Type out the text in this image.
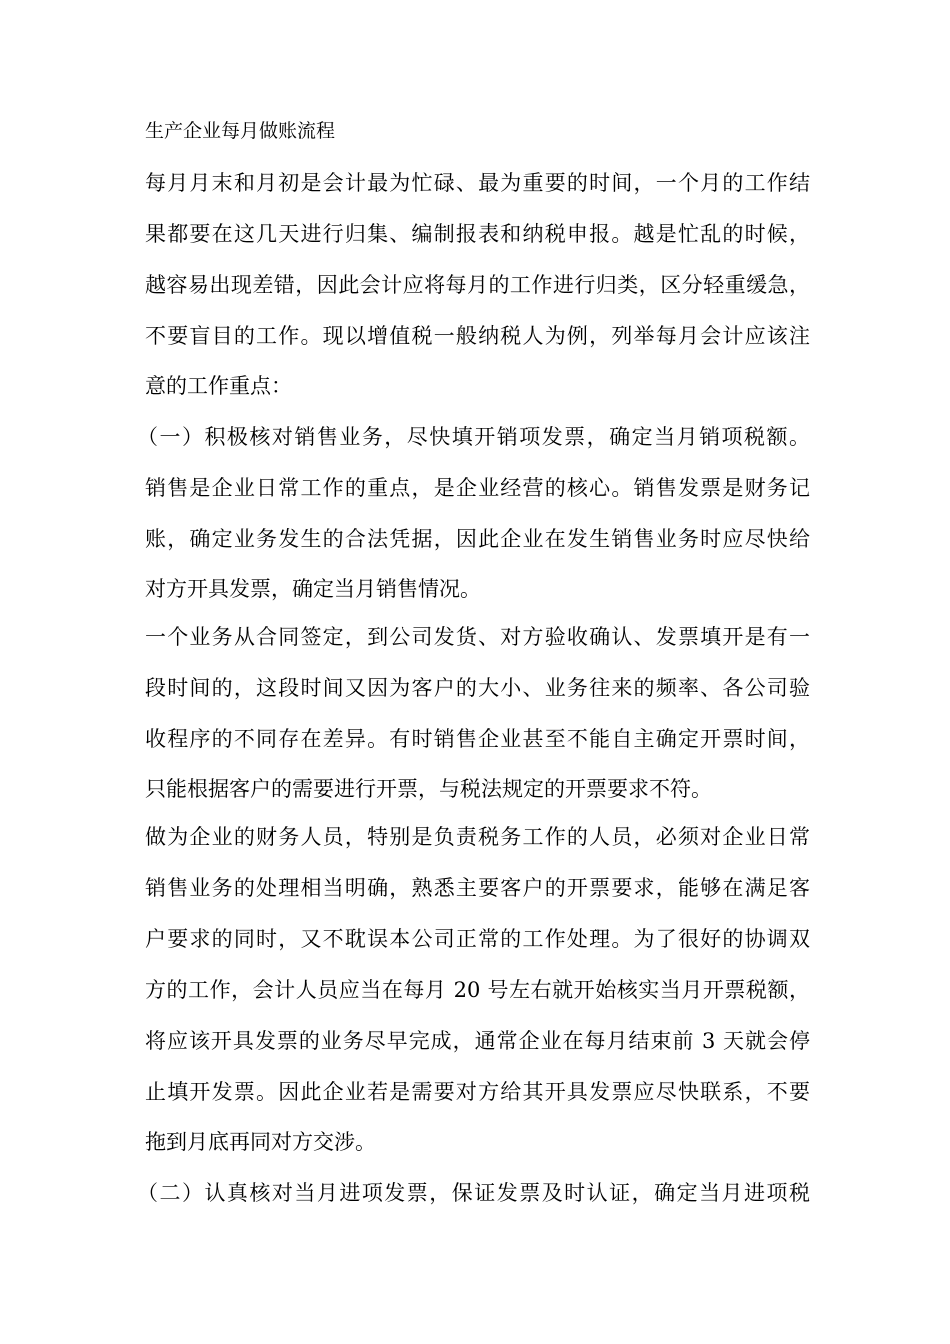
生产企业每月做账流程
每月月末和月初是会计最为忙碌、最为重要的时间，一个月的工作结
果都要在这几天进行归集、编制报表和纳税申报。越是忙乱的时候，
越容易出现差错，因此会计应将每月的工作进行归类，区分轻重缓急，
不要盲目的工作。现以增值税一般纳税人为例，列举每月会计应该注
意的工作重点：
（一）积极核对销售业务，尽快填开销项发票，确定当月销项税额。
销售是企业日常工作的重点，是企业经营的核心。销售发票是财务记
账，确定业务发生的合法凭据，因此企业在发生销售业务时应尽快给
对方开具发票，确定当月销售情况。
一个业务从合同签定，到公司发货、对方验收确认、发票填开是有一
段时间的，这段时间又因为客户的大小、业务往来的频率、各公司验
收程序的不同存在差异。有时销售企业甚至不能自主确定开票时间，
只能根据客户的需要进行开票，与税法规定的开票要求不符。
做为企业的财务人员，特别是负责税务工作的人员，必须对企业日常
销售业务的处理相当明确，熟悉主要客户的开票要求，能够在满足客
户要求的同时，又不耽误本公司正常的工作处理。为了很好的协调双
方的工作，会计人员应当在每月 20 号左右就开始核实当月开票税额，
将应该开具发票的业务尽早完成，通常企业在每月结束前 3 天就会停
止填开发票。因此企业若是需要对方给其开具发票应尽快联系，不要
拖到月底再同对方交涉。
（二）认真核对当月进项发票，保证发票及时认证，确定当月进项税
